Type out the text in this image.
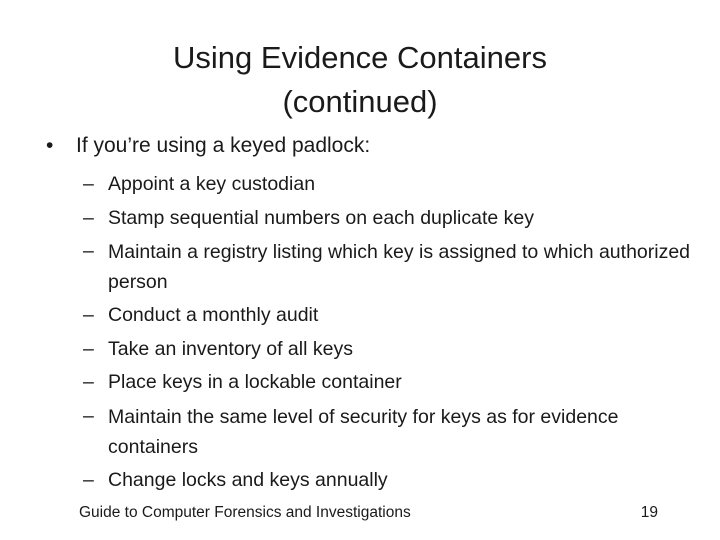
Using Evidence Containers
(continued)
• If you’re using a keyed padlock:
– Appoint a key custodian
– Stamp sequential numbers on each duplicate key
– Maintain a registry listing which key is assigned to which authorized person
– Conduct a monthly audit
– Take an inventory of all keys
– Place keys in a lockable container
– Maintain the same level of security for keys as for evidence containers
– Change locks and keys annually
Guide to Computer Forensics and Investigations	19
